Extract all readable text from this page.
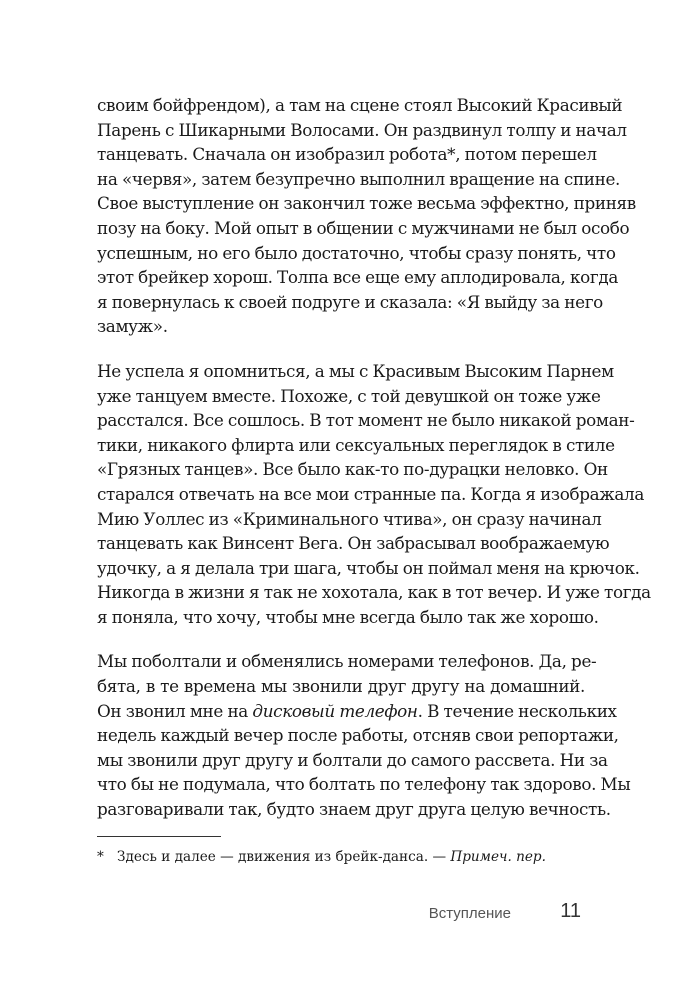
своим бойфрендом), а там на сцене стоял Высокий Красивый
Парень с Шикарными Волосами. Он раздвинул толпу и начал
танцевать. Сначала он изобразил робота*, потом перешел
на «червя», затем безупречно выполнил вращение на спине.
Свое выступление он закончил тоже весьма эффектно, приняв
позу на боку. Мой опыт в общении с мужчинами не был особо
успешным, но его было достаточно, чтобы сразу понять, что
этот брейкер хорош. Толпа все еще ему аплодировала, когда
я повернулась к своей подруге и сказала: «Я выйду за него
замуж».

Не успела я опомниться, а мы с Красивым Высоким Парнем
уже танцуем вместе. Похоже, с той девушкой он тоже уже
расстался. Все сошлось. В тот момент не было никакой роман-
тики, никакого флирта или сексуальных переглядок в стиле
«Грязных танцев». Все было как-то по-дурацки неловко. Он
старался отвечать на все мои странные па. Когда я изображала
Мию Уоллес из «Криминального чтива», он сразу начинал
танцевать как Винсент Вега. Он забрасывал воображаемую
удочку, а я делала три шага, чтобы он поймал меня на крючок.
Никогда в жизни я так не хохотала, как в тот вечер. И уже тогда
я поняла, что хочу, чтобы мне всегда было так же хорошо.

Мы поболтали и обменялись номерами телефонов. Да, ре-
бята, в те времена мы звонили друг другу на домашний.
Он звонил мне на дисковый телефон. В течение нескольких
недель каждый вечер после работы, отсняв свои репортажи,
мы звонили друг другу и болтали до самого рассвета. Ни за
что бы не подумала, что болтать по телефону так здорово. Мы
разговаривали так, будто знаем друг друга целую вечность.

* Здесь и далее — движения из брейк-данса. — Примеч. пер.
Вступление 11
